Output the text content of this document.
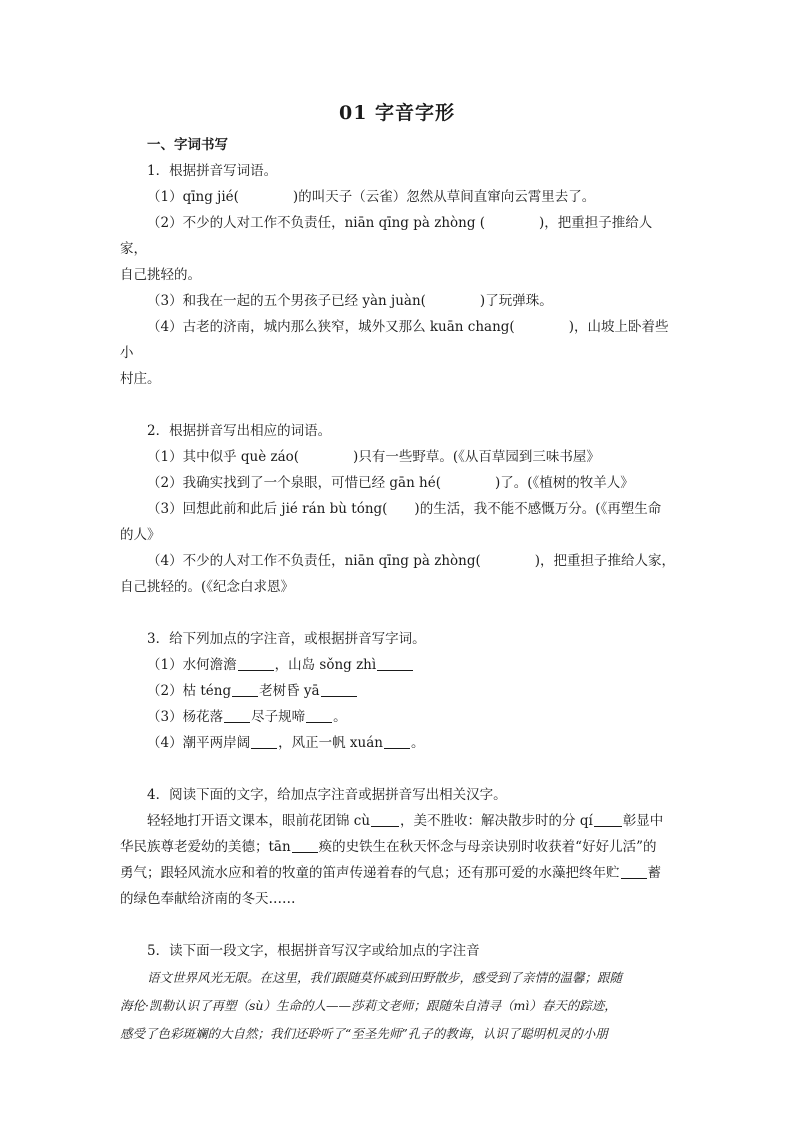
01 字音字形

一、字词书写

1．根据拼音写词语。

（1）qīng jié(　　　　)的叫天子（云雀）忽然从草间直窜向云霄里去了。

（2）不少的人对工作不负责任，niān qīng pà zhòng (　　　　)，把重担子推给人家，

自己挑轻的。

（3）和我在一起的五个男孩子已经 yàn juàn(　　　　)了玩弹珠。

（4）古老的济南，城内那么狭窄，城外又那么 kuān chang(　　　　)，山坡上卧着些小

村庄。

2．根据拼音写出相应的词语。

（1）其中似乎 què záo(　　　　)只有一些野草。(《从百草园到三味书屋》

（2）我确实找到了一个泉眼，可惜已经 gān hé(　　　　)了。(《植树的牧羊人》

（3）回想此前和此后 jié rán bù tóng(　　)的生活，我不能不感慨万分。(《再塑生命

的人》

（4）不少的人对工作不负责任，niān qīng pà zhòng(　　　　)，把重担子推给人家，

自己挑轻的。(《纪念白求恩》

3．给下列加点的字注音，或根据拼音写字词。

（1）水何澹澹	，山岛 sǒng zhì

（2）枯 téng 老树昏 yā

（3）杨花落 尽子规啼 。

（4）潮平两岸阔 ，风正一帆 xuán 。

4．阅读下面的文字，给加点字注音或据拼音写出相关汉字。

轻轻地打开语文课本，眼前花团锦 cù ，美不胜收：解决散步时的分 qí 彰显中

华民族尊老爱幼的美德；tān 痪的史铁生在秋天怀念与母亲诀别时收获着“好好儿活”的

勇气；跟轻风流水应和着的牧童的笛声传递着春的气息；还有那可爱的水藻把终年贮 蓄

的绿色奉献给济南的冬天……

5．读下面一段文字，根据拼音写汉字或给加点的字注音

语文世界风光无限。在这里，我们跟随莫怀戚到田野散步，感受到了亲情的温馨；跟随

海伦·凯勒认识了再塑（sù）生命的人——莎莉文老师；跟随朱自清寻（mì）春天的踪迹，

感受了色彩斑斓的大自然；我们还聆听了“至圣先师”孔子的教诲，认识了聪明机灵的小朋
